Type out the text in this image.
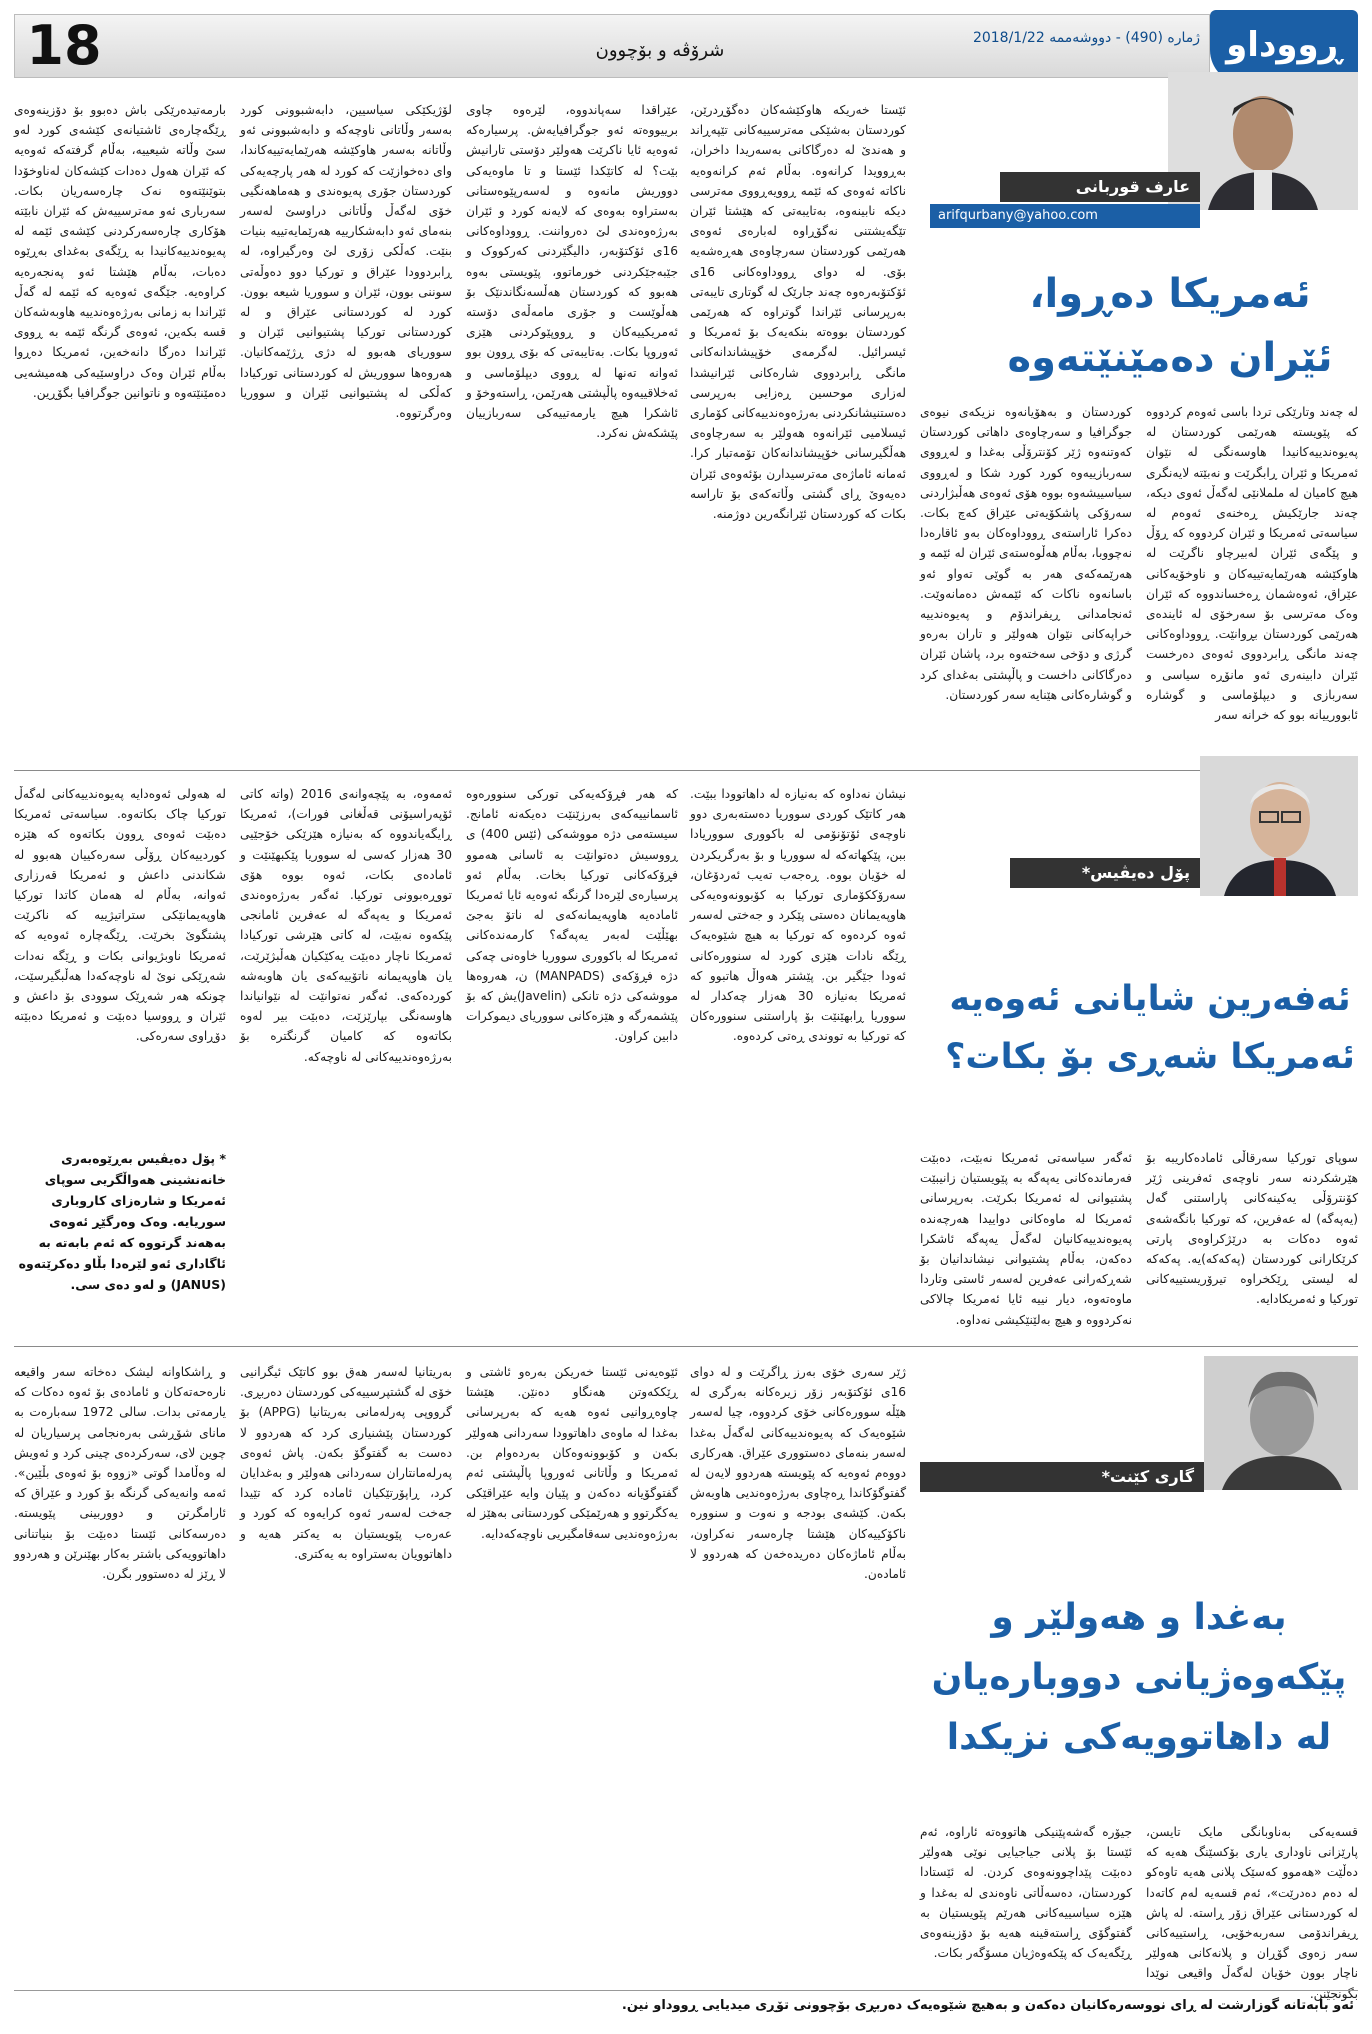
18	شرۆڤە و بۆچوون
ژمارە (490) - دووشەممە 2018/1/22 ڕووداو
عارف قوربانی
arifqurbany@yahoo.com
ئەمریکا دەڕوا، ئێران دەمێنێتەوە
لە چەند وتارێکی تردا باسی ئەوەم کردووە کە پێویستە هەرێمی کوردستان لە پەیوەندییەکانیدا هاوسەنگی لە نێوان ئەمریکا و ئێران ڕابگرێت و نەبێتە لایەنگری هیچ کامیان لە ململانێی لەگەڵ ئەوی دیکە، چەند جارێکیش ڕەخنەی ئەوەم لە سیاسەتی ئەمریکا و ئێران کردووە کە ڕۆڵ و پێگەی ئێران لەبیرچاو ناگرێت لە هاوکێشە هەرێمایەتییەکان و ناوخۆیەکانی عێراق، ئەوەشمان ڕەخساندووە کە ئێران وەک مەترسی بۆ سەرخۆی لە ئایندەی هەرێمی کوردستان بڕوانێت. ڕووداوەکانی چەند مانگی ڕابردووی ئەوەی دەرخست ئێران دابینەری ئەو مانۆڕە سیاسی و سەربازی و دیپلۆماسی و گوشارە ئابوورییانە بوو کە خرانە سەر
کوردستان و بەهۆیانەوە نزیکەی نیوەی جوگرافیا و سەرچاوەی داهاتی کوردستان کەوتنەوە ژێر کۆنترۆڵی بەغدا و لەڕووی سەربازییەوە کورد کورد شکا و لەڕووی سیاسییشەوە بووە هۆی ئەوەی هەڵبژاردنی سەرۆکی پاشکۆیەتی عێراق کەچ بکات. دەکرا ئاراستەی ڕووداوەکان بەو ئاقارەدا نەچووبا، بەڵام هەڵوەستەی ئێران لە ئێمە و هەرێمەکەی هەر بە گوێی تەواو ئەو باسانەوە ناکات کە ئێمەش دەمانەوێت. ئەنجامدانی ڕیفراندۆم و پەیوەندییە خراپەکانی نێوان هەولێر و تاران بەرەو گرژی و دۆخی سەختەوە برد، پاشان ئێران دەرگاکانی داخست و پاڵپشتی بەغدای کرد و گوشارەکانی هێنایە سەر کوردستان.
ئێستا خەریکە هاوکێشەکان دەگۆڕدرێن، کوردستان بەشێکی مەترسییەکانی تێپەڕاند و هەندێ لە دەرگاکانی بەسەریدا داخران، بەڕوویدا کرانەوە. بەڵام ئەم کرانەوەیە ناکاتە ئەوەی کە ئێمە ڕوویەڕووی مەترسی دیکە نابینەوە، بەتایبەتی کە هێشتا ئێران تێگەیشتنی نەگۆڕاوە لەبارەی ئەوەی هەرێمی کوردستان سەرچاوەی هەڕەشەیە بۆی. لە دوای ڕووداوەکانی 16ی ئۆکتۆبەرەوە چەند جارێک لە گوتاری تایبەتی بەرپرسانی ئێراندا گوتراوە کە هەرێمی کوردستان بووەتە بنکەیەک بۆ ئەمریکا و ئیسرائیل. لەگرمەی خۆپیشاندانەکانی مانگی ڕابردووی شارەکانی ئێرانیشدا لەزاری موحسین ڕەزایی بەرپرسی دەستنیشانکردنی بەرژەوەندییەکانی کۆماری ئیسلامیی ئێرانەوە هەولێر بە سەرچاوەی هەڵگیرسانی خۆپیشاندانەکان تۆمەتبار کرا. ئەمانە ئاماژەی مەترسیدارن بۆئەوەی ئێران دەیەوێ ڕای گشتی وڵاتەکەی بۆ تاراسە بکات کە کوردستان ئێرانگەرین دوژمنە.
عێراقدا سەپاندووە، لێرەوە چاوی برییووەتە ئەو جوگرافیایەش. پرسیارەکە ئەوەیە ئایا ناکرێت هەولێر دۆستی تارانیش بێت؟ لە کاتێکدا ئێستا و تا ماوەیەکی دووریش مانەوە و لەسەرپێوەستانی بەستراوە بەوەی کە لایەنە کورد و ئێران بەرژەوەندی لێ دەرواننت. ڕووداوەکانی 16ی ئۆکتۆبەر، دالیگێردنی کەرکووک و جێبەجێکردنی خورماتوو، پێویستی بەوە هەبوو کە کوردستان هەڵسەنگاندنێک بۆ هەڵوێست و جۆری مامەڵەی دۆستە ئەمریکییەکان و ڕووپێوکردنی هێزی ئەوروپا بکات. بەتایبەتی کە بۆی ڕوون بوو ئەوانە تەنها لە ڕووی دیپلۆماسی و ئەخلاقییەوە پاڵپشتی هەرێمن، ڕاستەوخۆ و ئاشکرا هیچ یارمەتییەکی سەربازییان پێشکەش نەکرد.
لۆژیکێکی سیاسیین، دابەشبوونی کورد بەسەر وڵاتانی ناوچەکە و دابەشبوونی ئەو وڵاتانە بەسەر هاوکێشە هەرێمایەتییەکاندا، وای دەخوازێت کە کورد لە هەر پارچەیەکی کوردستان جۆری پەیوەندی و هەماهەنگیی خۆی لەگەڵ وڵاتانی دراوسێ لەسەر بنەمای ئەو دابەشکارییە هەرێمایەتییە بنیات بنێت. کەڵکی زۆری لێ وەرگیراوە، لە ڕابردوودا عێراق و تورکیا دوو دەوڵەتی سوننی بوون، ئێران و سووریا شیعە بوون. کورد لە کوردستانی عێراق و لە کوردستانی تورکیا پشتیوانیی ئێران و سووریای هەبوو لە دژی ڕژێمەکانیان. هەروەها سووریش لە کوردستانی تورکیادا کەڵکی لە پشتیوانیی ئێران و سووریا وەرگرتووە.
بارمەتیدەرێکی باش دەبوو بۆ دۆزینەوەی ڕێگەچارەی ئاشتیانەی کێشەی کورد لەو سێ وڵاتە شیعییە، بەڵام گرفتەکە ئەوەیە کە ئێران هەول دەدات کێشەکان لەناوخۆدا بتوێنێتەوە نەک چارەسەریان بکات. سەرباری ئەو مەترسییەش کە ئێران نابێتە هۆکاری چارەسەرکردنی کێشەی ئێمە لە پەیوەندییەکانیدا بە ڕێگەی بەغدای بەڕێوە دەبات، بەڵام هێشتا ئەو پەنجەرەیە کراوەیە. جێگەی ئەوەیە کە ئێمە لە گەڵ ئێراندا بە زمانی بەرژەوەندییە هاوبەشەکان قسە بکەین، ئەوەی گرنگە ئێمە بە ڕووی ئێراندا دەرگا دانەخەین، ئەمریکا دەڕوا بەڵام ئێران وەک دراوسێیەکی هەمیشەیی دەمێنێتەوە و ناتوانین جوگرافیا بگۆڕین.
پۆل دەیڤیس*
ئەفەرین شایانی ئەوەیە ئەمریکا شەڕی بۆ بکات؟
سوپای تورکیا سەرقاڵی ئامادەکاریبە بۆ هێرشکردنە سەر ناوچەی ئەفرینی ژێر کۆنترۆڵی یەکینەکانی پاراستنی گەل (یەپەگە) لە عەفرین، کە تورکیا بانگەشەی ئەوە دەکات بە درێژکراوەی پارتی کرێکارانی کوردستان (پەکەکە)یە. پەکەکە لە لیستی ڕێکخراوە تیرۆریستییەکانی تورکیا و ئەمریکادایە.
ئەگەر سیاسەتی ئەمریکا نەبێت، دەبێت فەرماندەکانی یەپەگە بە پێویستیان زانیبێت پشتیوانی لە ئەمریکا بکرێت. بەرپرسانی ئەمریکا لە ماوەکانی دواییدا هەرچەندە پەیوەندییەکانیان لەگەڵ یەپەگە ئاشکرا دەکەن، بەڵام پشتیوانی نیشاندانیان بۆ شەڕکەرانی عەفرین لەسەر ئاستی وتاردا ماوەتەوە، دیار نییە ئایا ئەمریکا چالاکی نەکردووە و هیچ بەلێنێکیشی نەداوە.
نیشان نەداوە کە بەنیازە لە داهاتوودا ببێت. هەر کاتێک کوردی سووریا دەستەبەری دوو ناوچەی ئۆتۆنۆمی لە باکووری سووریادا ببن، پێکهاتەکە لە سووریا و بۆ بەرگریکردن لە خۆیان بووە. ڕەجەب تەیب ئەردۆغان، سەرۆککۆماری تورکیا بە کۆبوونەوەیەکی هاوپەیمانان دەستی پێکرد و جەختی لەسەر ئەوە کردەوە کە تورکیا بە هیچ شێوەیەک ڕێگە نادات هێزی کورد لە سنوورەکانی ئەودا جێگیر بن. پێشتر هەواڵ هاتبوو کە ئەمریکا بەنیازە 30 هەزار چەکدار لە سووریا ڕابهێنێت بۆ پاراستنی سنوورەکان کە تورکیا بە تووندی ڕەتی کردەوە.
کە هەر فڕۆکەیەکی تورکی سنوورەوە ئاسمانییەکەی بەرزێنێت دەیکەنە ئامانج. سیستەمی دژە مووشەکی (ئێس 400) ی ڕووسیش دەتوانێت بە ئاسانی هەموو فڕۆکەکانی تورکیا بخات. بەڵام ئەو پرسیارەی لێرەدا گرنگە ئەوەیە ئایا ئەمریکا ئامادەیە هاوپەیمانەکەی لە ناتۆ بەجێ بهێڵێت لەبەر یەپەگە؟ کارمەندەکانی ئەمریکا لە باکووری سووریا خاوەنی چەکی دژە فڕۆکەی (MANPADS) ن، هەروەها مووشەکی دژە تانکی (Javelin)یش کە بۆ پێشمەرگە و هێزەکانی سووریای دیموکرات دابین کراون.
ئەمەوە، بە پێچەوانەی 2016 (واتە کاتی ئۆپەراسیۆنی قەڵغانی فورات)، ئەمریکا ڕایگەیاندووە کە بەنیازە هێزێکی خۆجێیی 30 هەزار کەسی لە سووریا پێکبهێنێت و ئامادەی بکات، ئەوە بووە هۆی تووڕەبوونی تورکیا. ئەگەر بەرژەوەندی ئەمریکا و یەپەگە لە عەفرین ئامانجی پێکەوە نەبێت، لە کاتی هێرشی تورکیادا ئەمریکا ناچار دەبێت یەکێکیان هەڵبژێرێت، یان هاوپەیمانە ناتۆییەکەی یان هاوبەشە کوردەکەی. ئەگەر نەتوانێت لە نێوانیاندا هاوسەنگی بپارێزێت، دەبێت بیر لەوە بکاتەوە کە کامیان گرنگترە بۆ بەرژەوەندییەکانی لە ناوچەکە.
لە هەولی ئەوەدایە پەیوەندییەکانی لەگەڵ تورکیا چاک بکاتەوە. سیاسەتی ئەمریکا دەبێت ئەوەی ڕوون بکاتەوە کە هێزە کوردییەکان ڕۆڵی سەرەکییان هەبوو لە شکاندنی داعش و ئەمریکا قەرزاری ئەوانە، بەڵام لە هەمان کاتدا تورکیا هاوپەیمانێکی ستراتیژییە کە ناکرێت پشتگوێ بخرێت. ڕێگەچارە ئەوەیە کە ئەمریکا ناوبژیوانی بکات و ڕێگە نەدات شەڕێکی نوێ لە ناوچەکەدا هەڵبگیرسێت، چونکە هەر شەڕێک سوودی بۆ داعش و ئێران و ڕووسیا دەبێت و ئەمریکا دەبێتە دۆڕاوی سەرەکی.
* پۆل دەیڤیس بەڕێوەبەری خانەنشینی هەواڵگریی سوپای ئەمریکا و شارەزای کاروباری سوریایە. وەک وەرگێڕ ئەوەی بەهەند گرتووە کە ئەم بابەتە بە ئاگاداری ئەو لێرەدا بڵاو دەکرێتەوە (JANUS) و لەو دەی سی.
گاری کێنت*
بەغدا و هەولێر و پێکەوەژیانی دووبارەیان لە داهاتوویەکی نزیکدا
قسەیەکی بەناوبانگی مایک تایسن، پارێزانی ناوداری یاری بۆکسێنگ هەیە کە دەڵێت «هەموو کەسێک پلانی هەیە تاوەکو لە دەم دەدرێت»، ئەم قسەیە لەم کاتەدا لە کوردستانی عێراق زۆر ڕاستە. لە پاش ڕیفراندۆمی سەربەخۆیی، ڕاستییەکانی سەر زەوی گۆڕان و پلانەکانی هەولێر ناچار بوون خۆیان لەگەڵ واقیعی نوێدا بگونجێنن.
جیۆرە گەشەپێنیکی هاتووەتە ئاراوە، ئەم ئێستا بۆ پلانی جیاجیایی نوێی هەولێر دەبێت پێداچوونەوەی کردن. لە ئێستادا کوردستان، دەسەڵاتی ناوەندی لە بەغدا و هێزە سیاسییەکانی هەرێم پێویستیان بە گفتوگۆی ڕاستەقینە هەیە بۆ دۆزینەوەی ڕێگەیەک کە پێکەوەژیان مسۆگەر بکات.
ژێر سەری خۆی بەرز ڕاگرێت و لە دوای 16ی ئۆکتۆبەر زۆر زیرەکانە بەرگری لە هێڵە سوورەکانی خۆی کردووە، چیا لەسەر شێوەیەک کە پەیوەندییەکانی لەگەڵ بەغدا لەسەر بنەمای دەستووری عێراق. هەرکاری دووەم ئەوەیە کە پێویستە هەردوو لایەن لە گفتوگۆکاندا ڕەچاوی بەرژەوەندیی هاوبەش بکەن. کێشەی بودجە و نەوت و سنوورە ناکۆکییەکان هێشتا چارەسەر نەکراون، بەڵام ئاماژەکان دەریدەخەن کە هەردوو لا ئامادەن.
ئێوەیەنی ئێستا خەریکن بەرەو ئاشتی و ڕێککەوتن هەنگاو دەنێن. هێشتا چاوەڕوانیی ئەوە هەیە کە بەرپرسانی بەغدا لە ماوەی داهاتوودا سەردانی هەولێر بکەن و کۆبوونەوەکان بەردەوام بن. ئەمریکا و وڵاتانی ئەوروپا پاڵپشتی ئەم گفتوگۆیانە دەکەن و پێیان وایە عێراقێکی یەکگرتوو و هەرێمێکی کوردستانی بەهێز لە بەرژەوەندیی سەقامگیریی ناوچەکەدایە.
بەریتانیا لەسەر هەق بوو کاتێک ئیگرانیی خۆی لە گشتپرسییەکی کوردستان دەربڕی. گرووپی پەرلەمانی بەریتانیا (APPG) بۆ کوردستان پێشنیاری کرد کە هەردوو لا دەست بە گفتوگۆ بکەن. پاش ئەوەی پەرلەمانتاران سەردانی هەولێر و بەغدایان کرد، ڕاپۆرتێکیان ئامادە کرد کە تێیدا جەخت لەسەر ئەوە کرایەوە کە کورد و عەرەب پێویستیان بە یەکتر هەیە و داهاتوویان بەستراوە بە یەکتری.
و ڕاشکاوانە لیشک دەخاتە سەر واقیعە نارەحەتەکان و ئامادەی بۆ ئەوە دەکات کە یارمەتی بدات. سالی 1972 سەبارەت بە مانای شۆڕشی بەرەنجامی پرسیاریان لە چوین لای، سەرکردەی چینی کرد و ئەویش لە وەڵامدا گوتی «زووە بۆ ئەوەی بڵێین». ئەمە وانەیەکی گرنگە بۆ کورد و عێراق کە ئارامگرتن و دووربینی پێویستە. دەرسەکانی ئێستا دەبێت بۆ بنیاتنانی داهاتوویەکی باشتر بەکار بهێنرێن و هەردوو لا ڕێز لە دەستوور بگرن.
ئەو بابەتانە گوزارشت لە ڕای نووسەرەکانیان دەکەن و بەهیچ شێوەیەک دەربڕی بۆچوونی تۆڕی میدیایی ڕووداو نین.
